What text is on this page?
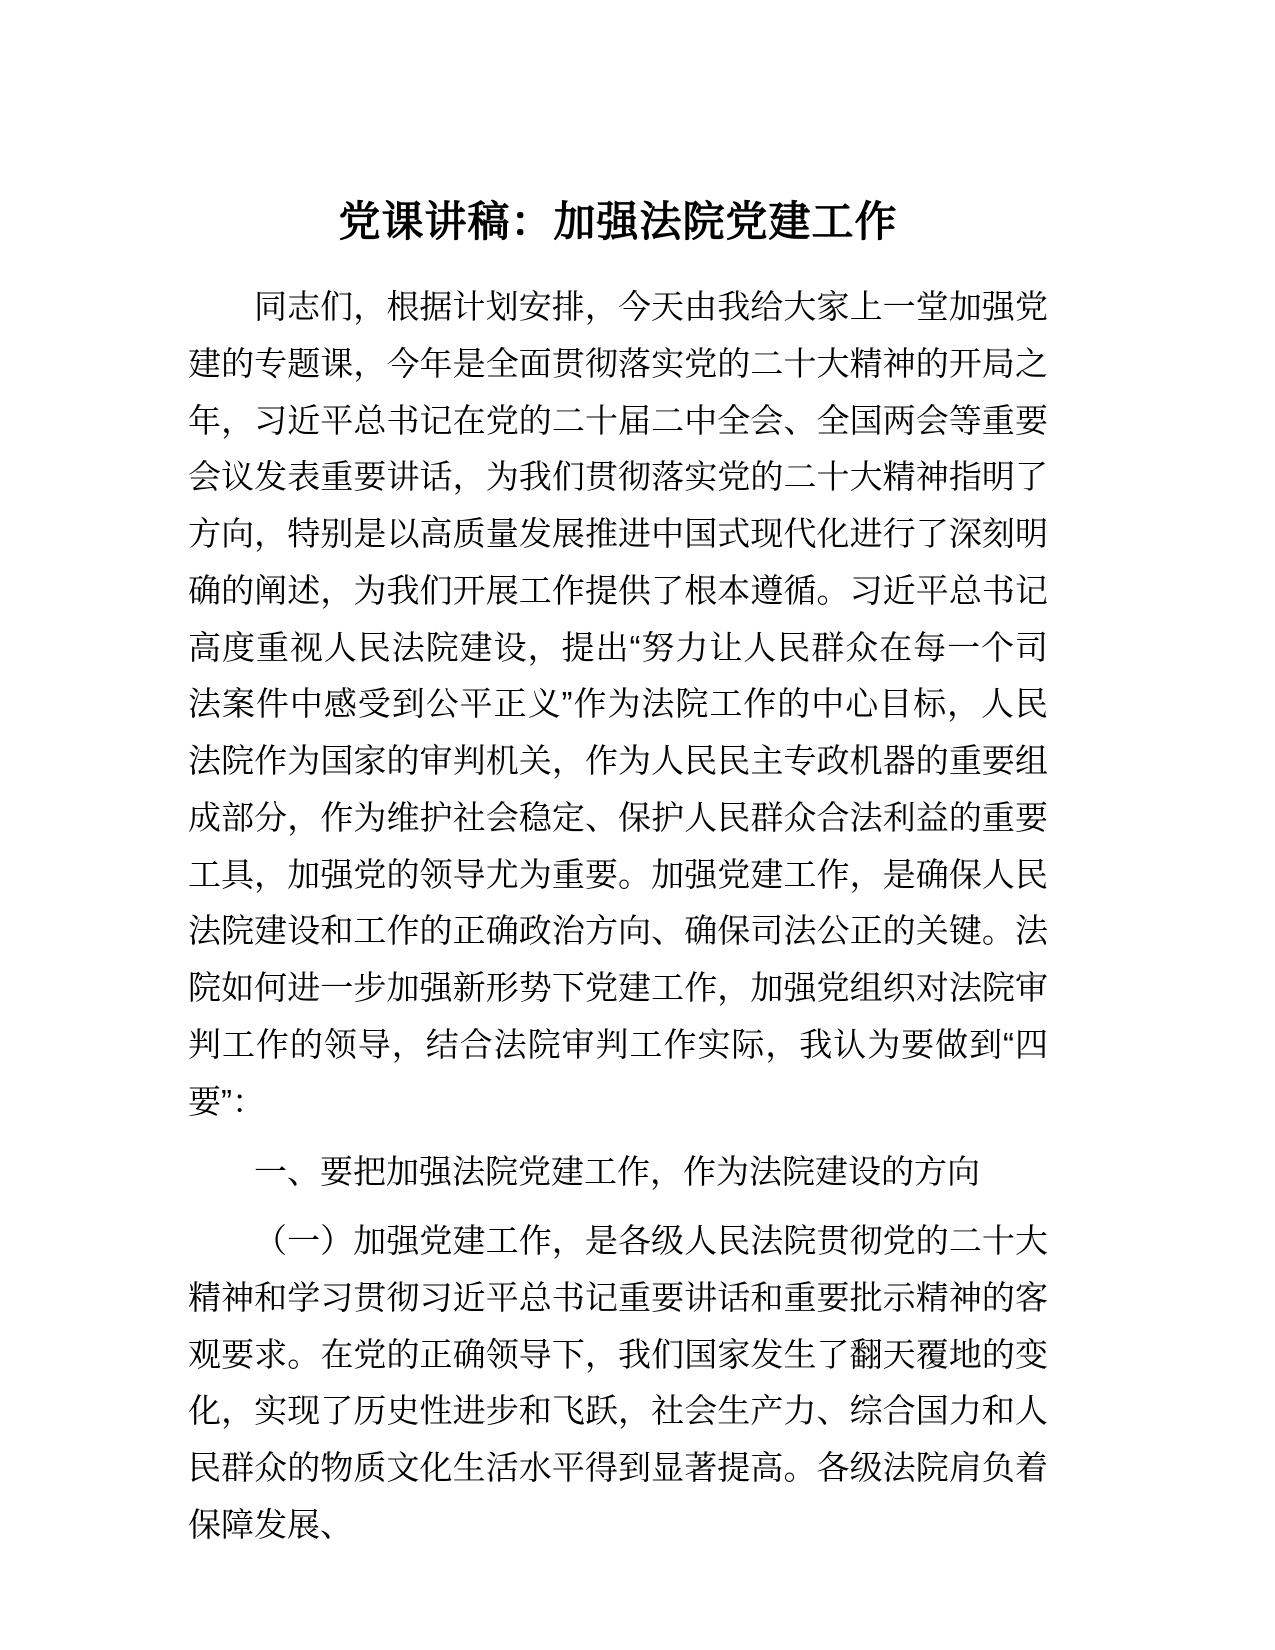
党课讲稿：加强法院党建工作

同志们，根据计划安排，今天由我给大家上一堂加强党建的专题课，今年是全面贯彻落实党的二十大精神的开局之年，习近平总书记在党的二十届二中全会、全国两会等重要会议发表重要讲话，为我们贯彻落实党的二十大精神指明了方向，特别是以高质量发展推进中国式现代化进行了深刻明确的阐述，为我们开展工作提供了根本遵循。习近平总书记高度重视人民法院建设，提出“努力让人民群众在每一个司法案件中感受到公平正义”作为法院工作的中心目标，人民法院作为国家的审判机关，作为人民民主专政机器的重要组成部分，作为维护社会稳定、保护人民群众合法利益的重要工具，加强党的领导尤为重要。加强党建工作，是确保人民法院建设和工作的正确政治方向、确保司法公正的关键。法院如何进一步加强新形势下党建工作，加强党组织对法院审判工作的领导，结合法院审判工作实际，我认为要做到“四要”：

一、要把加强法院党建工作，作为法院建设的方向

（一）加强党建工作，是各级人民法院贯彻党的二十大精神和学习贯彻习近平总书记重要讲话和重要批示精神的客观要求。在党的正确领导下，我们国家发生了翻天覆地的变化，实现了历史性进步和飞跃，社会生产力、综合国力和人民群众的物质文化生活水平得到显著提高。各级法院肩负着保障发展、
